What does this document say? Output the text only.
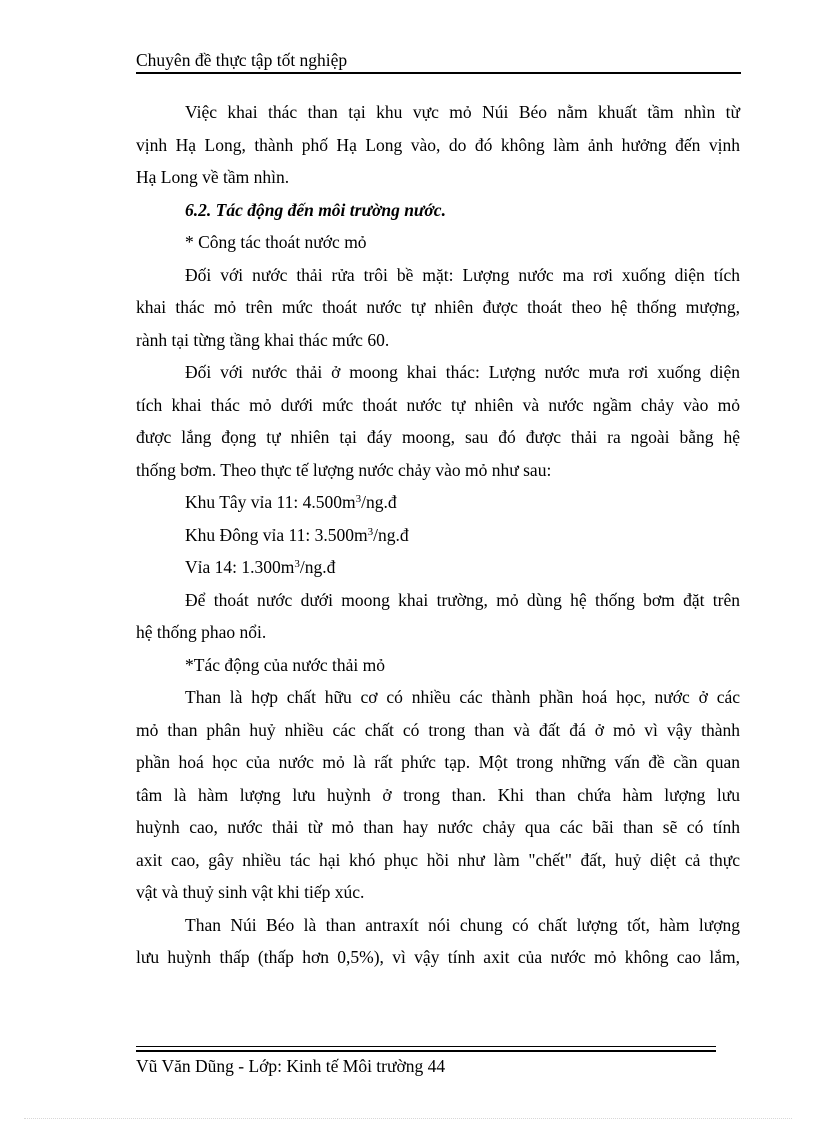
Chuyên đề thực tập tốt nghiệp

Việc khai thác than tại khu vực mỏ Núi Béo nằm khuất tầm nhìn từ

vịnh Hạ Long, thành phố Hạ Long vào, do đó không làm ảnh hưởng đến vịnh

Hạ Long về tầm nhìn.

6.2. Tác động đến môi trường nước.

* Công tác thoát nước mỏ

Đối với nước thải rửa trôi bề mặt: Lượng nước ma rơi xuống diện tích

khai thác mỏ trên mức thoát nước tự nhiên được thoát theo hệ thống mượng,

rành tại từng tầng khai thác mức 60.

Đối với nước thải ở moong khai thác: Lượng nước mưa rơi xuống diện

tích khai thác mỏ dưới mức thoát nước tự nhiên và nước ngầm chảy vào mỏ

được lắng đọng tự nhiên tại đáy moong, sau đó được thải ra ngoài bằng hệ

thống bơm. Theo thực tế lượng nước chảy vào mỏ như sau:

Khu Tây vỉa 11: $4.500m^3/ng.đ$

Khu Đông vỉa 11: $3.500m^3/ng.đ$

Vỉa 14: $1.300m^3/ng.đ$

Để thoát nước dưới moong khai trường, mỏ dùng hệ thống bơm đặt trên

hệ thống phao nổi.

*Tác động của nước thải mỏ

Than là hợp chất hữu cơ có nhiều các thành phần hoá học, nước ở các

mỏ than phân huỷ nhiều các chất có trong than và đất đá ở mỏ vì vậy thành

phần hoá học của nước mỏ là rất phức tạp. Một trong những vấn đề cần quan

tâm là hàm lượng lưu huỳnh ở trong than. Khi than chứa hàm lượng lưu

huỳnh cao, nước thải từ mỏ than hay nước chảy qua các bãi than sẽ có tính

axit cao, gây nhiều tác hại khó phục hồi như làm "chết" đất, huỷ diệt cả thực

vật và thuỷ sinh vật khi tiếp xúc.

Than Núi Béo là than antraxít nói chung có chất lượng tốt, hàm lượng

lưu huỳnh thấp (thấp hơn 0,5%), vì vậy tính axit của nước mỏ không cao lắm,

Vũ Văn Dũng - Lớp: Kinh tế Môi trường 44
